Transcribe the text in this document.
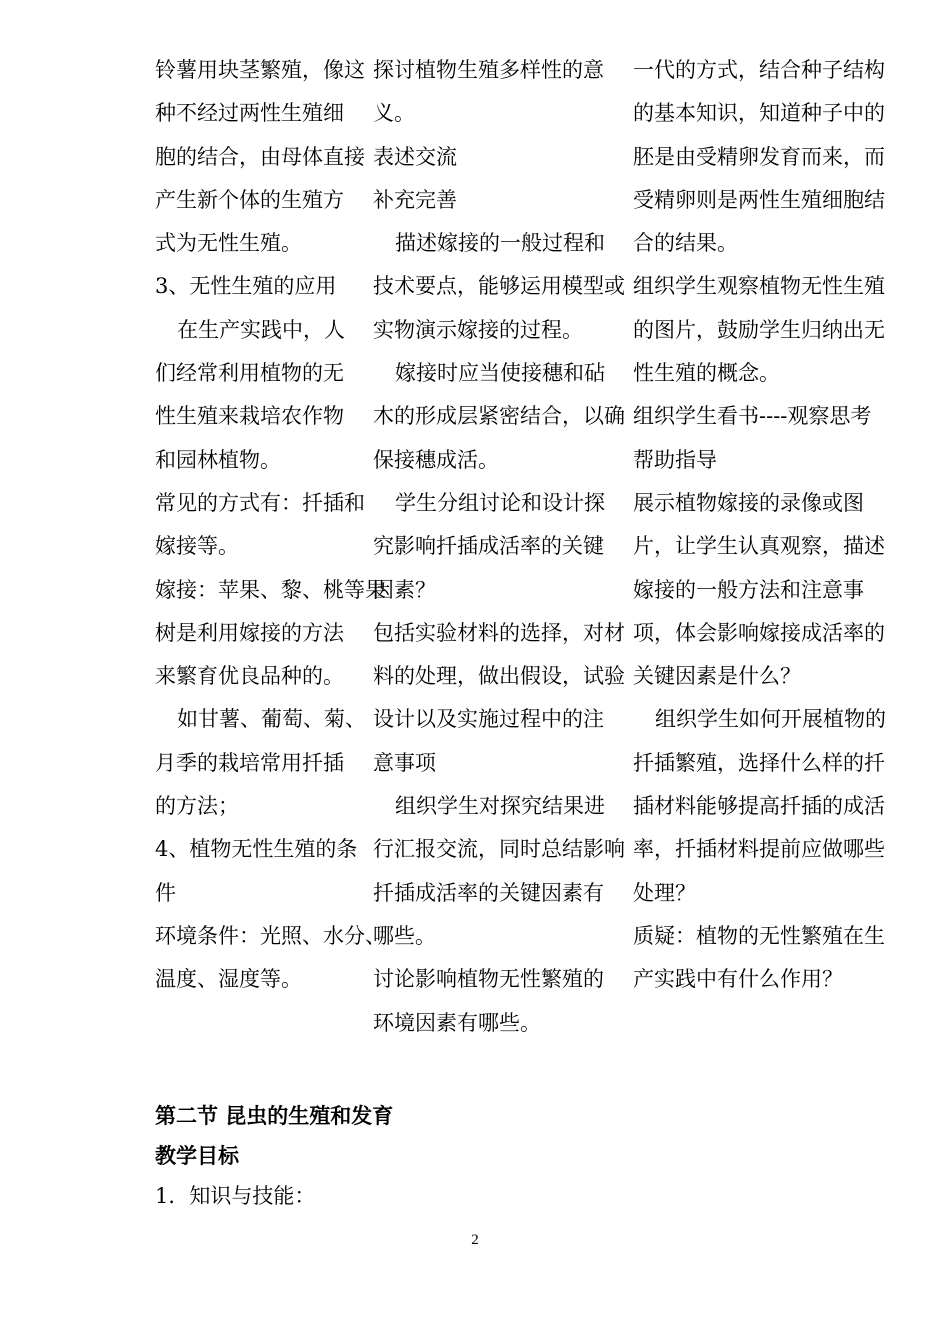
铃薯用块茎繁殖，像这
种不经过两性生殖细
胞的结合，由母体直接
产生新个体的生殖方
式为无性生殖。
3、无性生殖的应用
在生产实践中，人
们经常利用植物的无
性生殖来栽培农作物
和园林植物。
常见的方式有：扦插和
嫁接等。
嫁接：苹果、黎、桃等果
树是利用嫁接的方法
来繁育优良品种的。
如甘薯、葡萄、菊、
月季的栽培常用扦插
的方法；
4、植物无性生殖的条
件
环境条件：光照、水分、
温度、湿度等。
探讨植物生殖多样性的意
义。
表述交流
补充完善
描述嫁接的一般过程和
技术要点，能够运用模型或
实物演示嫁接的过程。
嫁接时应当使接穗和砧
木的形成层紧密结合，以确
保接穗成活。
学生分组讨论和设计探
究影响扦插成活率的关键
因素？
包括实验材料的选择，对材
料的处理，做出假设，试验
设计以及实施过程中的注
意事项
组织学生对探究结果进
行汇报交流，同时总结影响
扦插成活率的关键因素有
哪些。
讨论影响植物无性繁殖的
环境因素有哪些。
一代的方式，结合种子结构
的基本知识，知道种子中的
胚是由受精卵发育而来，而
受精卵则是两性生殖细胞结
合的结果。
组织学生观察植物无性生殖
的图片，鼓励学生归纳出无
性生殖的概念。
组织学生看书----观察思考
帮助指导
展示植物嫁接的录像或图
片，让学生认真观察，描述
嫁接的一般方法和注意事
项，体会影响嫁接成活率的
关键因素是什么？
组织学生如何开展植物的
扦插繁殖，选择什么样的扦
插材料能够提高扦插的成活
率，扦插材料提前应做哪些
处理？
质疑：植物的无性繁殖在生
产实践中有什么作用？
第二节 昆虫的生殖和发育
教学目标
1．知识与技能：
2
